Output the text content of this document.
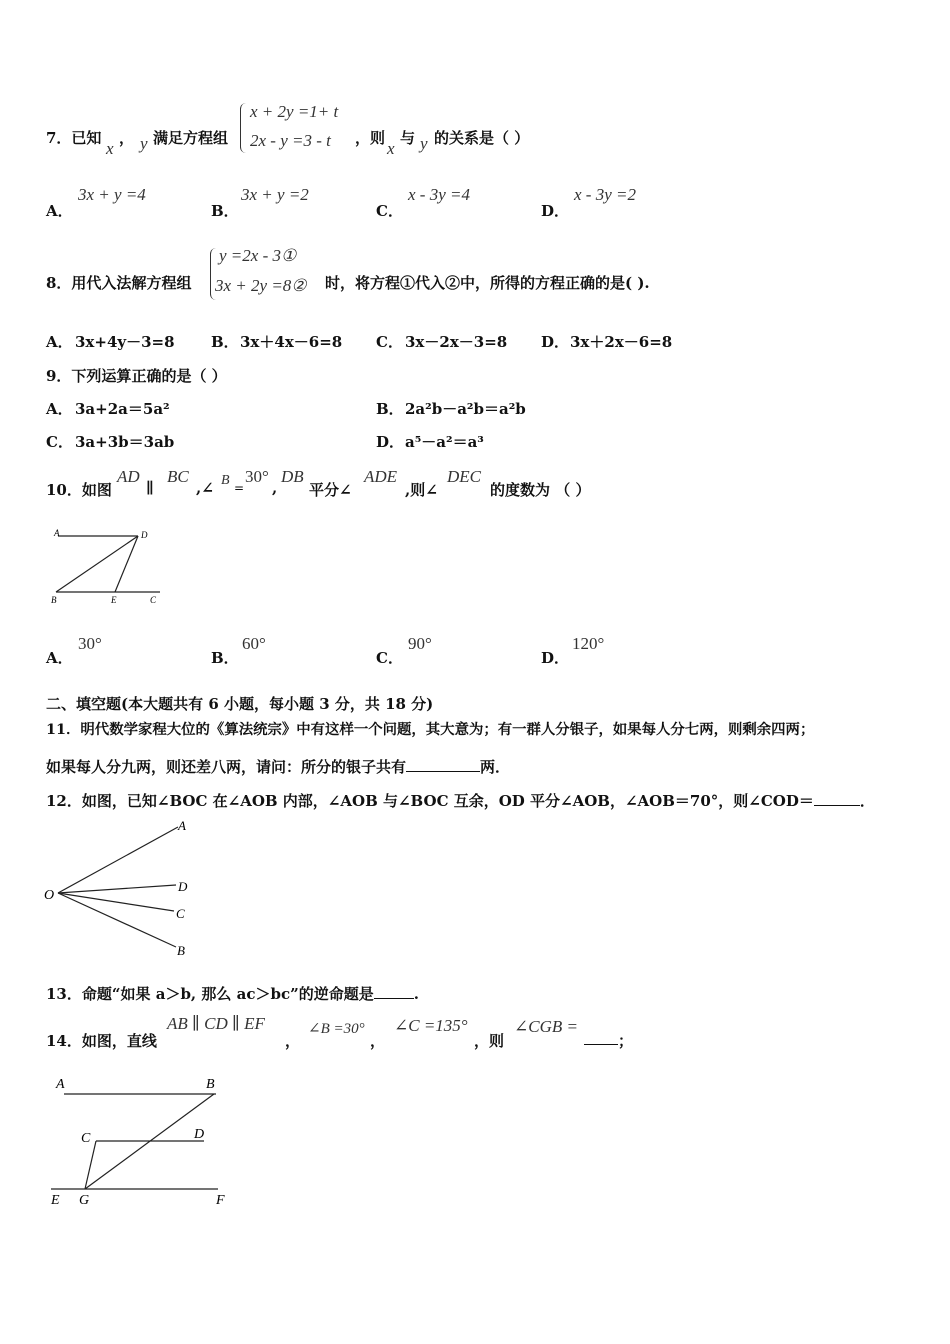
7．已知
x
， y 满足方程组
x + 2y =1+ t
2x - y =3 - t ，则
x
与 y 的关系是（ ）
A．
3x + y =4
B．
3x + y =2
C．
x - 3y =4
D．
x - 3y =2
8．用代入法解方程组
y =2x - 3①
3x + 2y =8② 时，将方程①代入②中，所得的方程正确的是( ).
A． 3x+4y－3=8 B． 3x＋4x－6=8 C． 3x－2x－3=8 D． 3x＋2x－6=8
9．下列运算正确的是（ ）
A． 3a+2a＝5a²	B． 2a²b－a²b＝a²b
C． 3a+3b＝3ab	D． a⁵－a²＝a³
10．如图
AD
∥
BC
,∠ B =
30°
,
DB
平分∠
ADE
,则∠
DEC
的度数为 （ ）
A	D
B	E	C
A．
30°
B．
60°
C．
90°
D．
120°
二、填空题(本大题共有 6 小题，每小题 3 分，共 18 分)
11．明代数学家程大位的《算法统宗》中有这样一个问题，其大意为；有一群人分银子，如果每人分七两，则剩余四两；
如果每人分九两，则还差八两，请问：所分的银子共有	两．
12．如图，已知∠BOC 在∠AOB 内部，∠AOB 与∠BOC 互余，OD 平分∠AOB，∠AOB＝70°，则∠COD＝	．
O
A
D
C
B
13．命题“如果 a＞b, 那么 ac＞bc”的逆命题是	.
14．如图，直线
AB ∥ CD ∥ EF
，
∠B =30°
，
∠C =135°
，则
∠CGB =
；
A	B
C	D
E G	F
